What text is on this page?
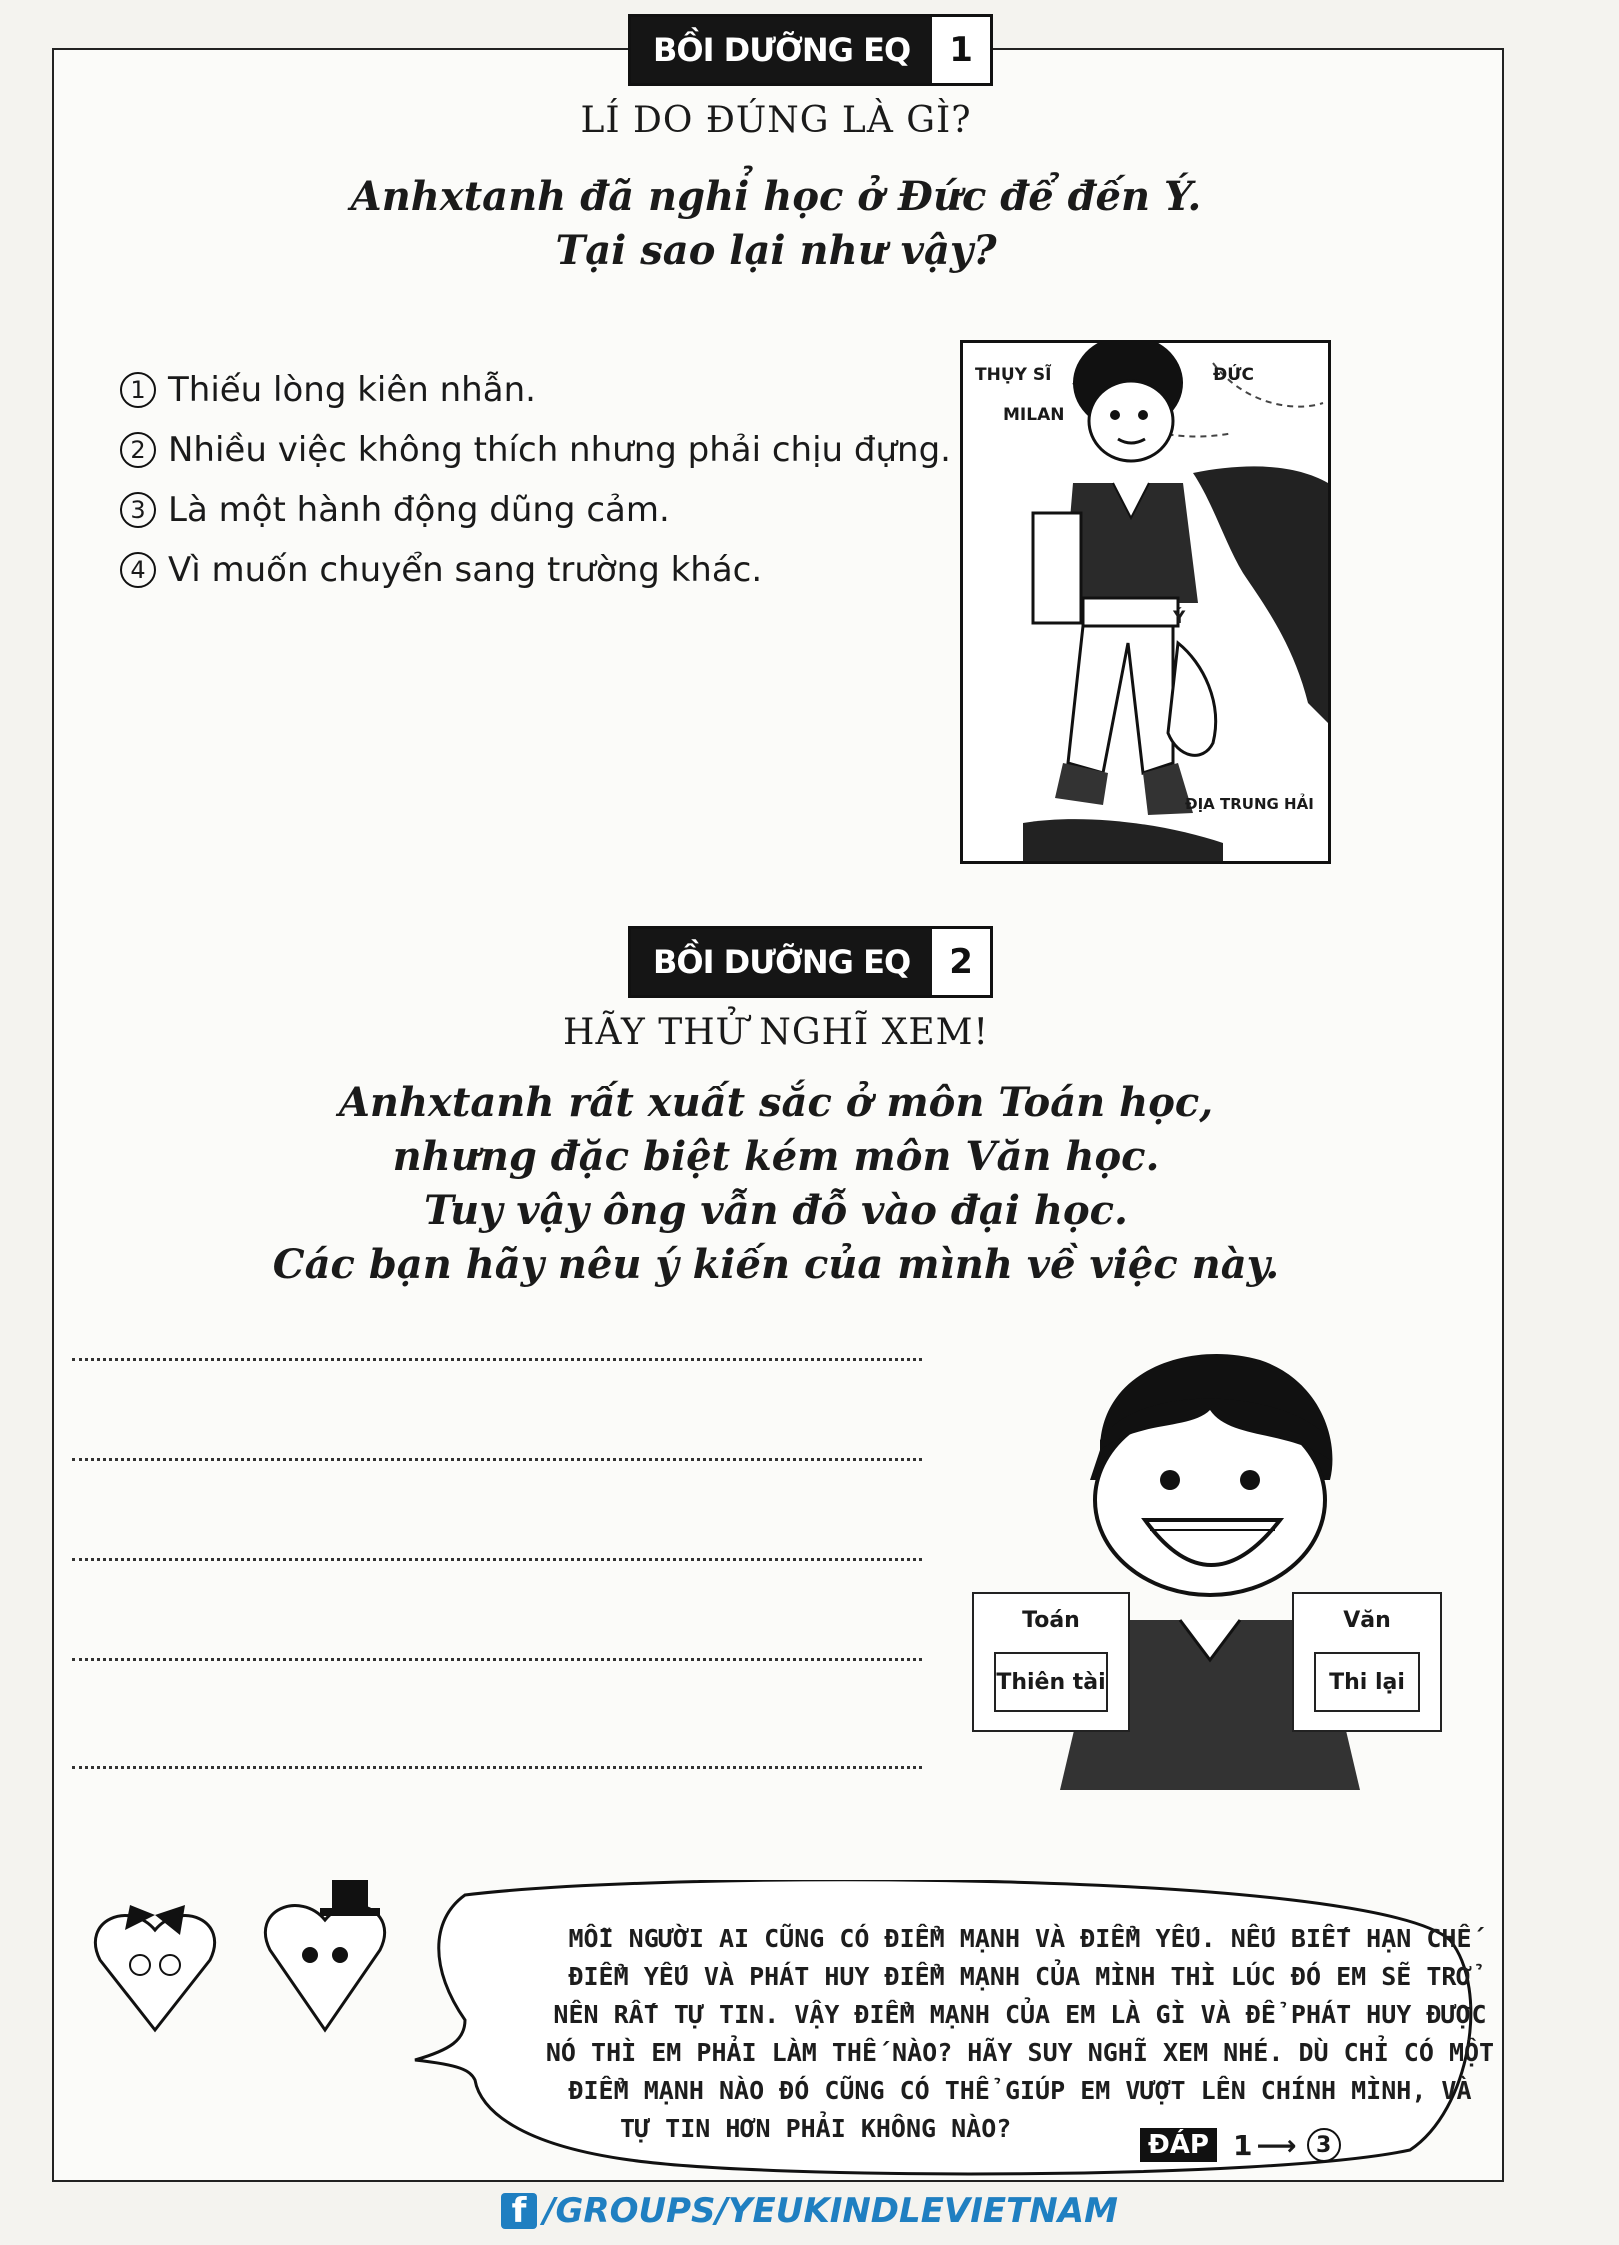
BỒI DƯỠNG EQ	1
LÍ DO ĐÚNG LÀ GÌ?
Anhxtanh đã nghỉ học ở Đức để đến Ý.
Tại sao lại như vậy?
1 Thiếu lòng kiên nhẫn.
2 Nhiều việc không thích nhưng phải chịu đựng.
3 Là một hành động dũng cảm.
4 Vì muốn chuyển sang trường khác.
THỤY SĨ	ĐỨC
MILAN
Ý
ĐỊA TRUNG HẢI
BỒI DƯỠNG EQ	2
HÃY THỬ NGHĨ XEM!
Anhxtanh rất xuất sắc ở môn Toán học,
nhưng đặc biệt kém môn Văn học.
Tuy vậy ông vẫn đỗ vào đại học.
Các bạn hãy nêu ý kiến của mình về việc này.
Toán
Thiên tài
Văn
Thi lại
MỖI NGƯỜI AI CŨNG CÓ ĐIỂM MẠNH VÀ ĐIỂM YẾU. NẾU BIẾT HẠN CHẾ
ĐIỂM YẾU VÀ PHÁT HUY ĐIỂM MẠNH CỦA MÌNH THÌ LÚC ĐÓ EM SẼ TRỞ
NÊN RẤT TỰ TIN. VẬY ĐIỂM MẠNH CỦA EM LÀ GÌ VÀ ĐỂ PHÁT HUY ĐƯỢC
NÓ THÌ EM PHẢI LÀM THẾ NÀO? HÃY SUY NGHĨ XEM NHÉ. DÙ CHỈ CÓ MỘT
ĐIỂM MẠNH NÀO ĐÓ CŨNG CÓ THỂ GIÚP EM VƯỢT LÊN CHÍNH MÌNH, VÀ
TỰ TIN HƠN PHẢI KHÔNG NÀO?
ĐÁP 1 ⟶ 3
f /GROUPS/YEUKINDLEVIETNAM
